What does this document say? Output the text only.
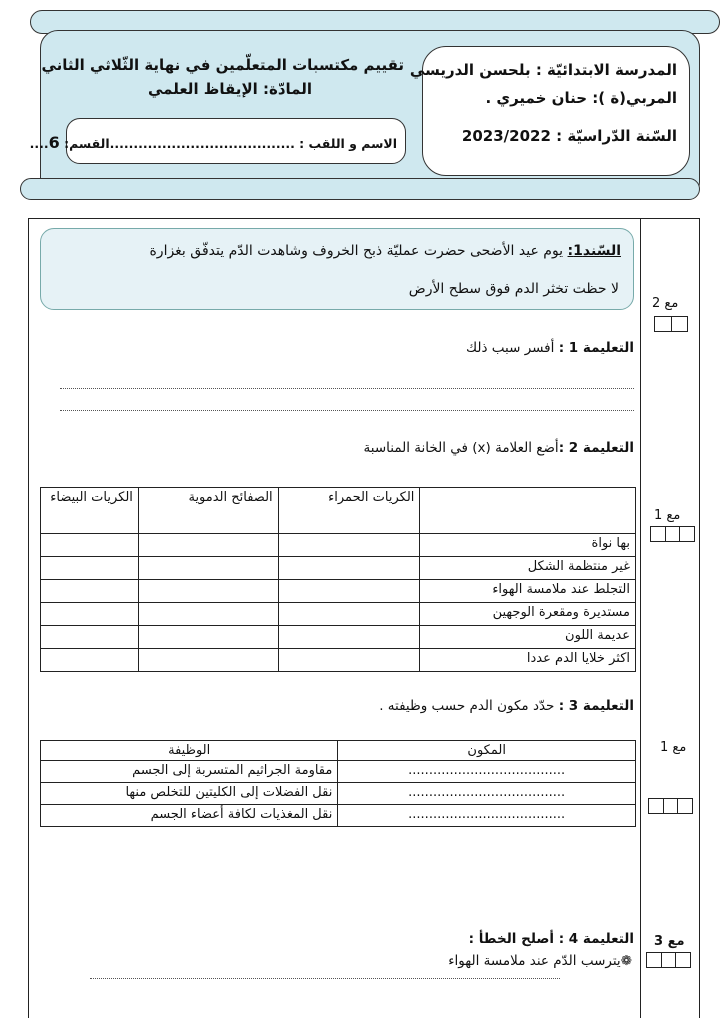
المدرسة الابتدائيّة : بلحسن الدريسي
المربي(ة ): حنان خميري .
السّنة الدّراسيّة : 2023/2022
تقييم مكتسبات المتعلّمين في نهاية الثّلاثي الثاني
المادّة: الإيقاظ العلمي
الاسم و اللقب : .......................................القسم: 6....
السّند1: يوم عيد الأضحى حضرت عمليّة ذبح الخروف وشاهدت الدّم يتدفّق بغزارة
لا حظت تخثر الدم فوق سطح الأرض
التعليمة 1 : أفسر سبب ذلك
التعليمة 2 :أضع العلامة (x) في الخانة المناسبة
	الكريات الحمراء	الصفائح الدموية	الكريات البيضاء
بها نواة			
غير منتظمة الشكل			
التجلط عند ملامسة الهواء			
مستديرة ومقعرة الوجهين			
عديمة اللون			
اكثر خلايا الدم عددا			
التعليمة 3 : حدّد مكون الدم حسب وظيفته .
المكون	الوظيفة
......................................	مقاومة الجراثيم المتسربة إلى الجسم
......................................	نقل الفضلات إلى الكليتين للتخلص منها
......................................	نقل المغذيات لكافة أعضاء الجسم
التعليمة 4 : أصلح الخطأ :
❁يترسب الدّم عند ملامسة الهواء
مع 2
مع 1
مع 1
مع 3
